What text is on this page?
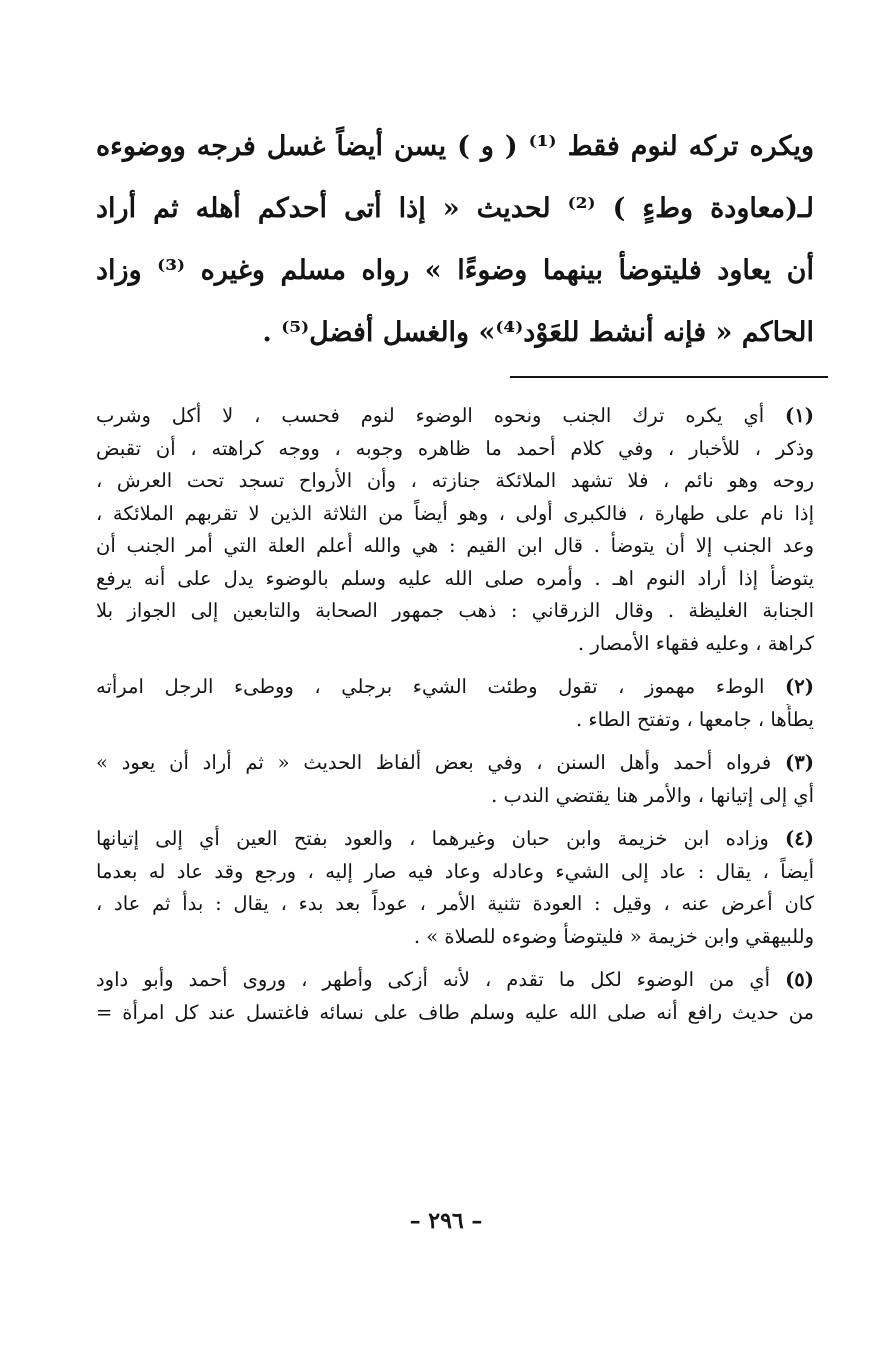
ويكره تركه لنوم فقط ⁽¹⁾ ( و ) يسن أيضاً غسل فرجه ووضوءه
لـ(معاودة وطءٍ ) ⁽²⁾ لحديث « إذا أتى أحدكم أهله ثم أراد
أن يعاود فليتوضأ بينهما وضوءًا » رواه مسلم وغيره ⁽³⁾ وزاد
الحاكم « فإنه أنشط للعَوْد⁽⁴⁾» والغسل أفضل⁽⁵⁾ .
(١) أي يكره ترك الجنب ونحوه الوضوء لنوم فحسب ، لا أكل وشرب
وذكر ، للأخبار ، وفي كلام أحمد ما ظاهره وجوبه ، ووجه كراهته ، أن تقبض
روحه وهو نائم ، فلا تشهد الملائكة جنازته ، وأن الأرواح تسجد تحت العرش ،
إذا نام على طهارة ، فالكبرى أولى ، وهو أيضاً من الثلاثة الذين لا تقربهم الملائكة ،
وعد الجنب إلا أن يتوضأ . قال ابن القيم : هي والله أعلم العلة التي أمر الجنب أن
يتوضأ إذا أراد النوم اهـ . وأمره صلى الله عليه وسلم بالوضوء يدل على أنه يرفع
الجنابة الغليظة . وقال الزرقاني : ذهب جمهور الصحابة والتابعين إلى الجواز بلا
كراهة ، وعليه فقهاء الأمصار .
(٢) الوطء مهموز ، تقول وطئت الشيء برجلي ، ووطىء الرجل امرأته
يطأُها ، جامعها ، وتفتح الطاء .
(٣) فرواه أحمد وأهل السنن ، وفي بعض ألفاظ الحديث « ثم أراد أن يعود »
أي إلى إتيانها ، والأمر هنا يقتضي الندب .
(٤) وزاده ابن خزيمة وابن حبان وغيرهما ، والعود بفتح العين أي إلى إتيانها
أيضاً ، يقال : عاد إلى الشيء وعادله وعاد فيه صار إليه ، ورجع وقد عاد له بعدما
كان أعرض عنه ، وقيل : العودة تثنية الأمر ، عوداً بعد بدء ، يقال : بدأ ثم عاد ،
وللبيهقي وابن خزيمة « فليتوضأ وضوءه للصلاة » .
(٥) أي من الوضوء لكل ما تقدم ، لأنه أزكى وأطهر ، وروى أحمد وأبو داود
من حديث رافع أنه صلى الله عليه وسلم طاف على نسائه فاغتسل عند كل امرأة =
– ٢٩٦ –
